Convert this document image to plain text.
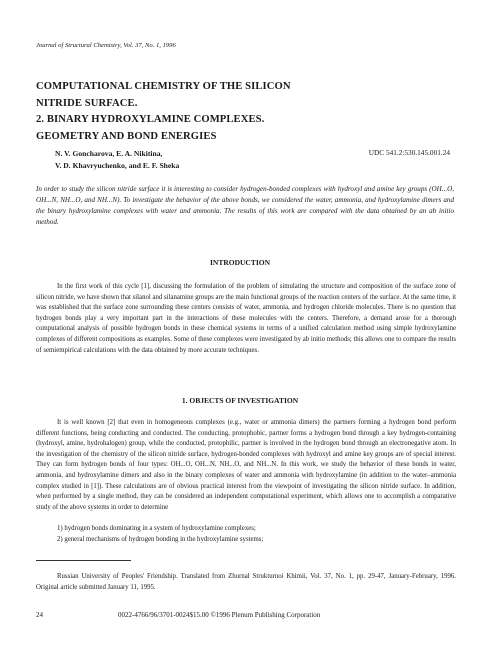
Journal of Structural Chemistry, Vol. 37, No. 1, 1996
COMPUTATIONAL CHEMISTRY OF THE SILICON
NITRIDE SURFACE.
2. BINARY HYDROXYLAMINE COMPLEXES.
GEOMETRY AND BOND ENERGIES
N. V. Goncharova, E. A. Nikitina,
V. D. Khavryuchenko, and E. F. Sheka
UDC 541.2:530.145.001.24
In order to study the silicon nitride surface it is interesting to consider hydrogen-bonded complexes with hydroxyl and amine key groups (OH...O, OH...N, NH...O, and NH...N). To investigate the behavior of the above bonds, we considered the water, ammonia, and hydroxylamine dimers and the binary hydroxylamine complexes with water and ammonia. The results of this work are compared with the data obtained by an ab initio method.
INTRODUCTION

In the first work of this cycle [1], discussing the formulation of the problem of simulating the structure and composition of the surface zone of silicon nitride, we have shown that silanol and silanamine groups are the main functional groups of the reaction centers of the surface. At the same time, it was established that the surface zone surrounding these centers consists of water, ammonia, and hydrogen chloride molecules. There is no question that hydrogen bonds play a very important part in the interactions of these molecules with the centers. Therefore, a demand arose for a thorough computational analysis of possible hydrogen bonds in these chemical systems in terms of a unified calculation method using simple hydroxylamine complexes of different compositions as examples. Some of these complexes were investigated by ab initio methods; this allows one to compare the results of semiempirical calculations with the data obtained by more accurate techniques.

1. OBJECTS OF INVESTIGATION

It is well known [2] that even in homogeneous complexes (e.g., water or ammonia dimers) the partners forming a hydrogen bond perform different functions, being conducting and conducted. The conducting, protophobic, partner forms a hydrogen bond through a key hydrogen-containing (hydroxyl, amine, hydrohalogen) group, while the conducted, protophilic, partner is involved in the hydrogen bond through an electronegative atom. In the investigation of the chemistry of the silicon nitride surface, hydrogen-bonded complexes with hydroxyl and amine key groups are of special interest. They can form hydrogen bonds of four types: OH...O, OH...N, NH...O, and NH...N. In this work, we study the behavior of these bonds in water, ammonia, and hydroxylamine dimers and also in the binary complexes of water and ammonia with hydroxylamine (in addition to the water–ammonia complex studied in [1]). These calculations are of obvious practical interest from the viewpoint of investigating the silicon nitride surface. In addition, when performed by a single method, they can be considered an independent computational experiment, which allows one to accomplish a comparative study of the above systems in order to determine

1) hydrogen bonds dominating in a system of hydroxylamine complexes;
2) general mechanisms of hydrogen bonding in the hydroxylamine systems;
Russian University of Peoples' Friendship. Translated from Zhurnal Strukturnoi Khimii, Vol. 37, No. 1, pp. 29-47, January-February, 1996. Original article submitted January 11, 1995.
24	0022-4766/96/3701-0024$15.00 ©1996 Plenum Publishing Corporation
